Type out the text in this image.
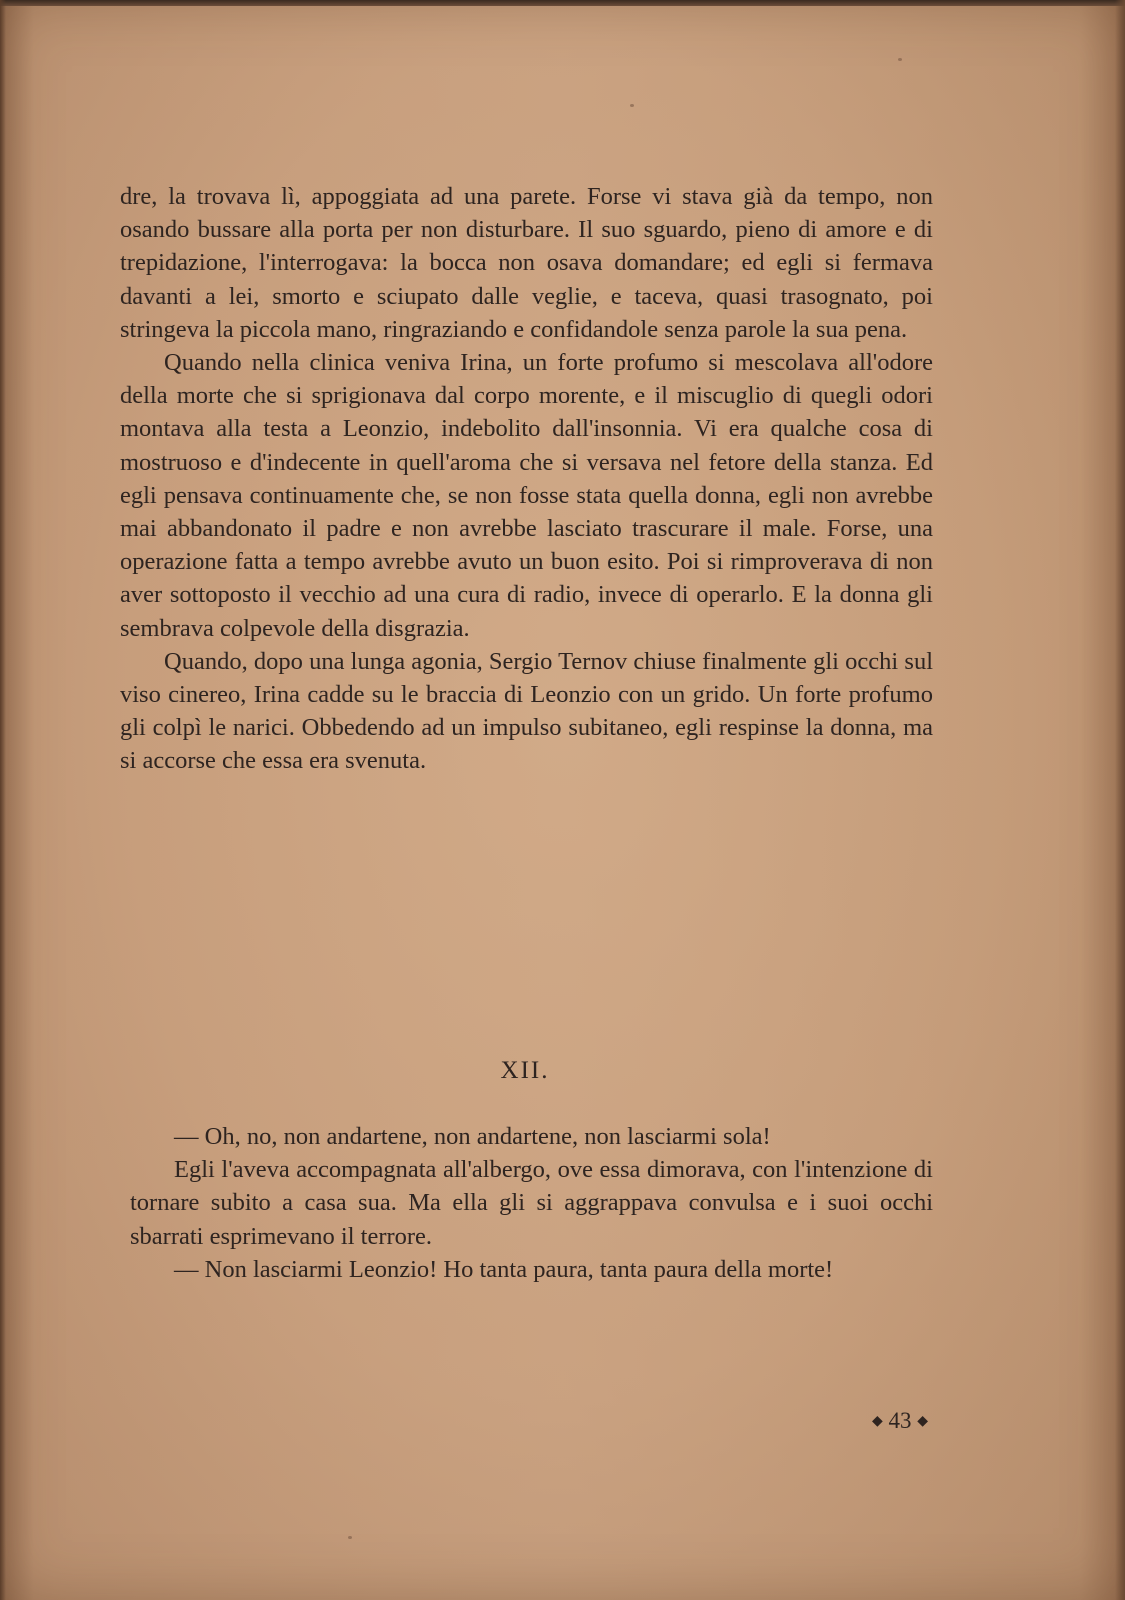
dre, la trovava lì, appoggiata ad una parete. Forse vi stava già da tempo, non osando bussare alla porta per non disturbare. Il suo sguardo, pieno di amore e di trepidazione, l'interrogava: la bocca non osava domandare; ed egli si fermava davanti a lei, smorto e sciupato dalle veglie, e taceva, quasi trasognato, poi stringeva la piccola mano, ringraziando e confidandole senza parole la sua pena.

Quando nella clinica veniva Irina, un forte profumo si mescolava all'odore della morte che si sprigionava dal corpo morente, e il miscuglio di quegli odori montava alla testa a Leonzio, indebolito dall'insonnia. Vi era qualche cosa di mostruoso e d'indecente in quell'aroma che si versava nel fetore della stanza. Ed egli pensava continuamente che, se non fosse stata quella donna, egli non avrebbe mai abbandonato il padre e non avrebbe lasciato trascurare il male. Forse, una operazione fatta a tempo avrebbe avuto un buon esito. Poi si rimproverava di non aver sottoposto il vecchio ad una cura di radio, invece di operarlo. E la donna gli sembrava colpevole della disgrazia.

Quando, dopo una lunga agonia, Sergio Ternov chiuse finalmente gli occhi sul viso cinereo, Irina cadde su le braccia di Leonzio con un grido. Un forte profumo gli colpì le narici. Obbedendo ad un impulso subitaneo, egli respinse la donna, ma si accorse che essa era svenuta.

XII.

— Oh, no, non andartene, non andartene, non lasciarmi sola!

Egli l'aveva accompagnata all'albergo, ove essa dimorava, con l'intenzione di tornare subito a casa sua. Ma ella gli si aggrappava convulsa e i suoi occhi sbarrati esprimevano il terrore.

— Non lasciarmi Leonzio! Ho tanta paura, tanta paura della morte!

◆ 43 ◆
